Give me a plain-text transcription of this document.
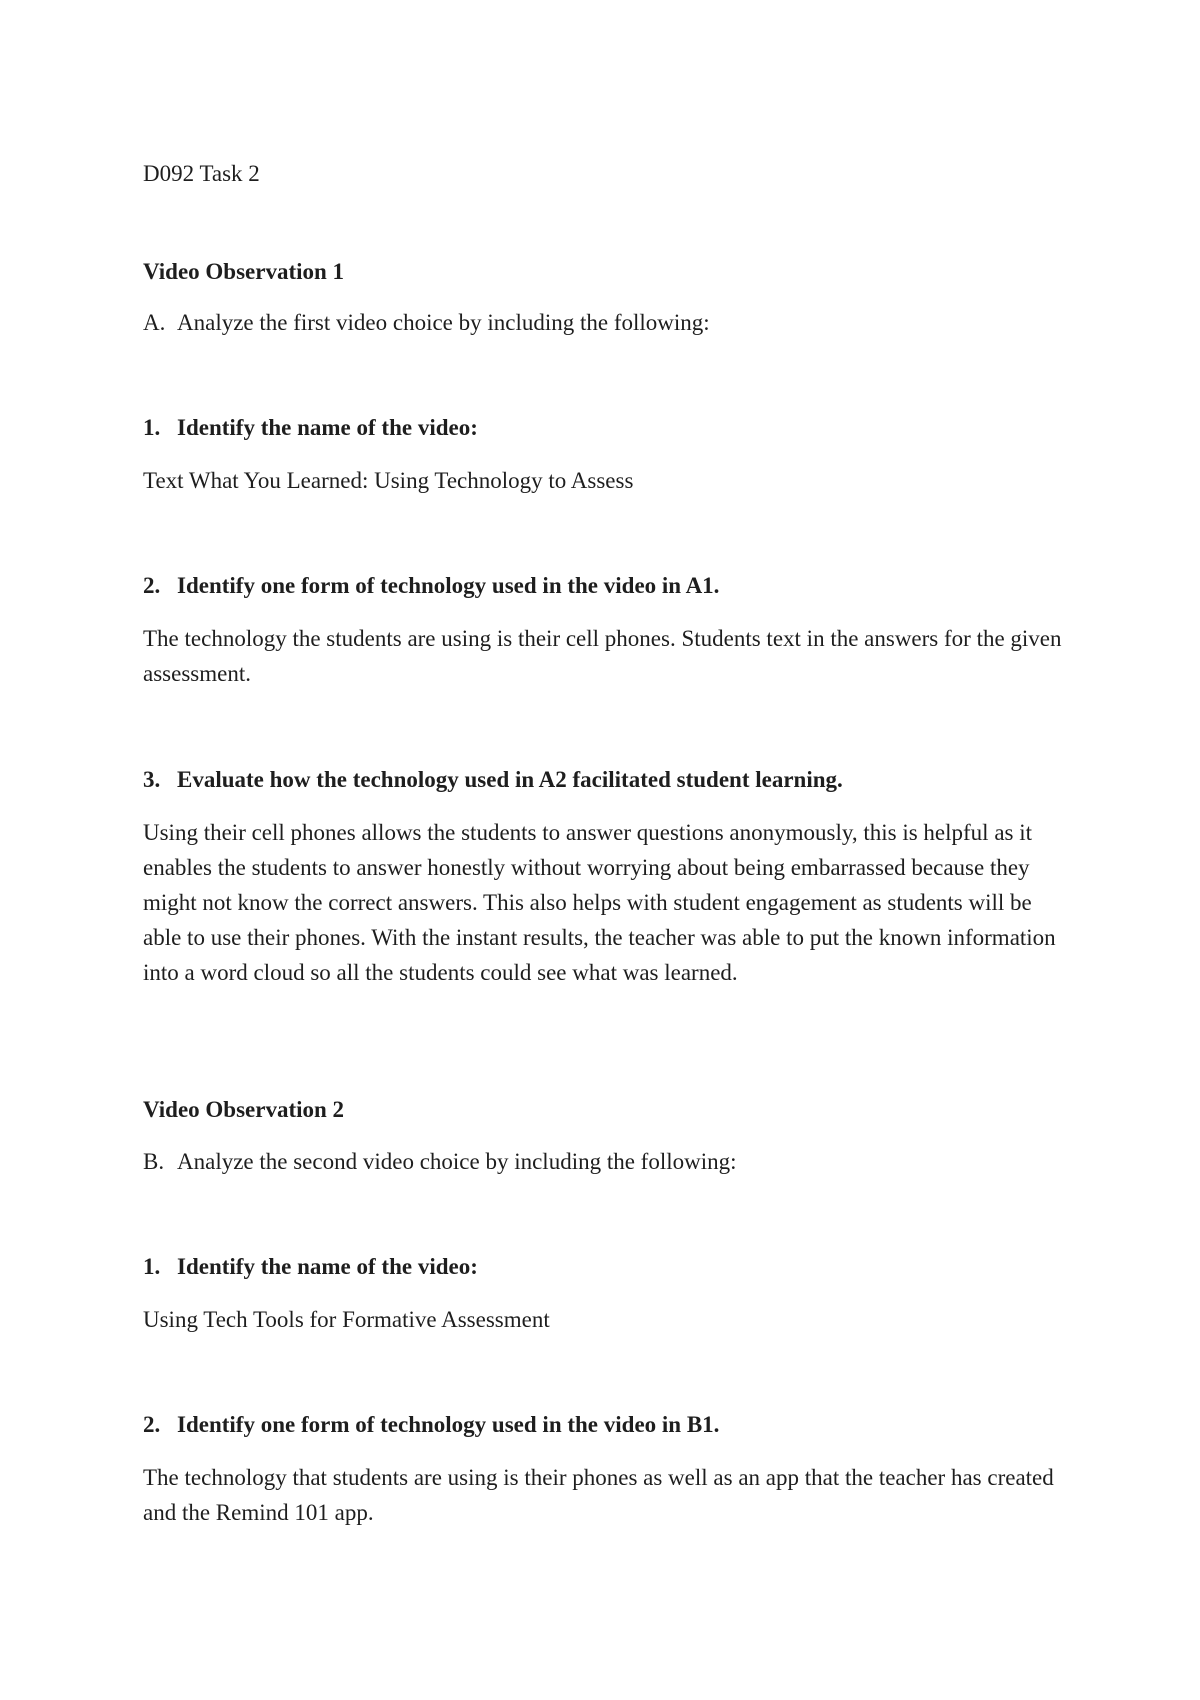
D092 Task 2

Video Observation 1

A. Analyze the first video choice by including the following:
1. Identify the name of the video:

Text What You Learned: Using Technology to Assess

2. Identify one form of technology used in the video in A1.

The technology the students are using is their cell phones. Students text in the answers for the given assessment.

3. Evaluate how the technology used in A2 facilitated student learning.

Using their cell phones allows the students to answer questions anonymously, this is helpful as it enables the students to answer honestly without worrying about being embarrassed because they might not know the correct answers. This also helps with student engagement as students will be able to use their phones. With the instant results, the teacher was able to put the known information into a word cloud so all the students could see what was learned.

Video Observation 2

B. Analyze the second video choice by including the following:
1. Identify the name of the video:

Using Tech Tools for Formative Assessment

2. Identify one form of technology used in the video in B1.

The technology that students are using is their phones as well as an app that the teacher has created and the Remind 101 app.
